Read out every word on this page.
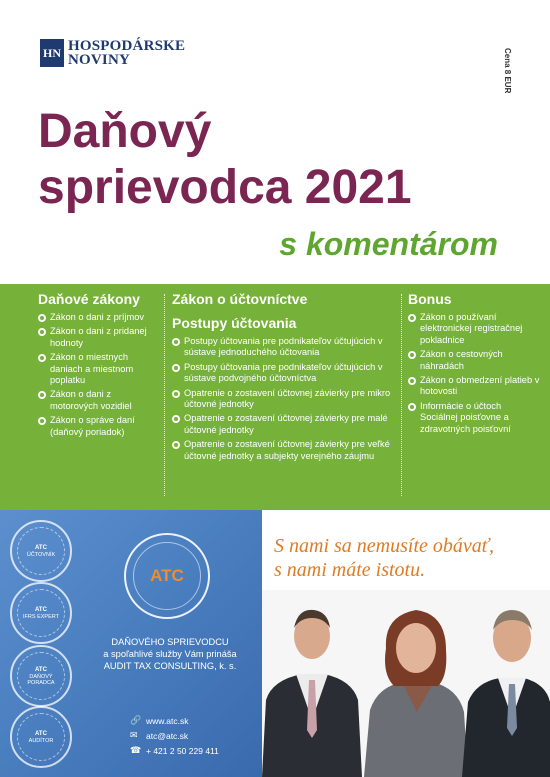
HN HOSPODÁRSKE
NOVINY	Cena 8 EUR
Daňový
sprievodca 2021
s komentárom
Daňové zákony
Zákon o dani z príjmov
Zákon o dani z pridanej hodnoty
Zákon o miestnych daniach a miestnom poplatku
Zákon o dani z motorových vozidiel
Zákon o správe daní (daňový poriadok)
Zákon o účtovníctve
Postupy účtovania
Postupy účtovania pre podnikateľov účtujúcich v sústave jednoduchého účtovania
Postupy účtovania pre podnikateľov účtujúcich v sústave podvojného účtovníctva
Opatrenie o zostavení účtovnej závierky pre mikro účtovné jednotky
Opatrenie o zostavení účtovnej závierky pre malé účtovné jednotky
Opatrenie o zostavení účtovnej závierky pre veľké účtovné jednotky a subjekty verejného záujmu
Bonus
Zákon o používaní elektronickej registračnej pokladnice
Zákon o cestovných náhradách
Zákon o obmedzení platieb v hotovosti
Informácie o účtoch Sociálnej poisťovne a zdravotných poisťovní
ATC
ÚČTOVNÍK
ATC
IFRS EXPERT
ATC
DAŇOVÝ PORADCA
ATC
AUDÍTOR
ATC
DAŇOVÉHO SPRIEVODCU
a spoľahlivé služby Vám prináša
AUDIT TAX CONSULTING, k. s.
🔗 www.atc.sk
✉ atc@atc.sk
☎ + 421 2 50 229 411
S nami sa nemusíte obávať,
s nami máte istotu.
